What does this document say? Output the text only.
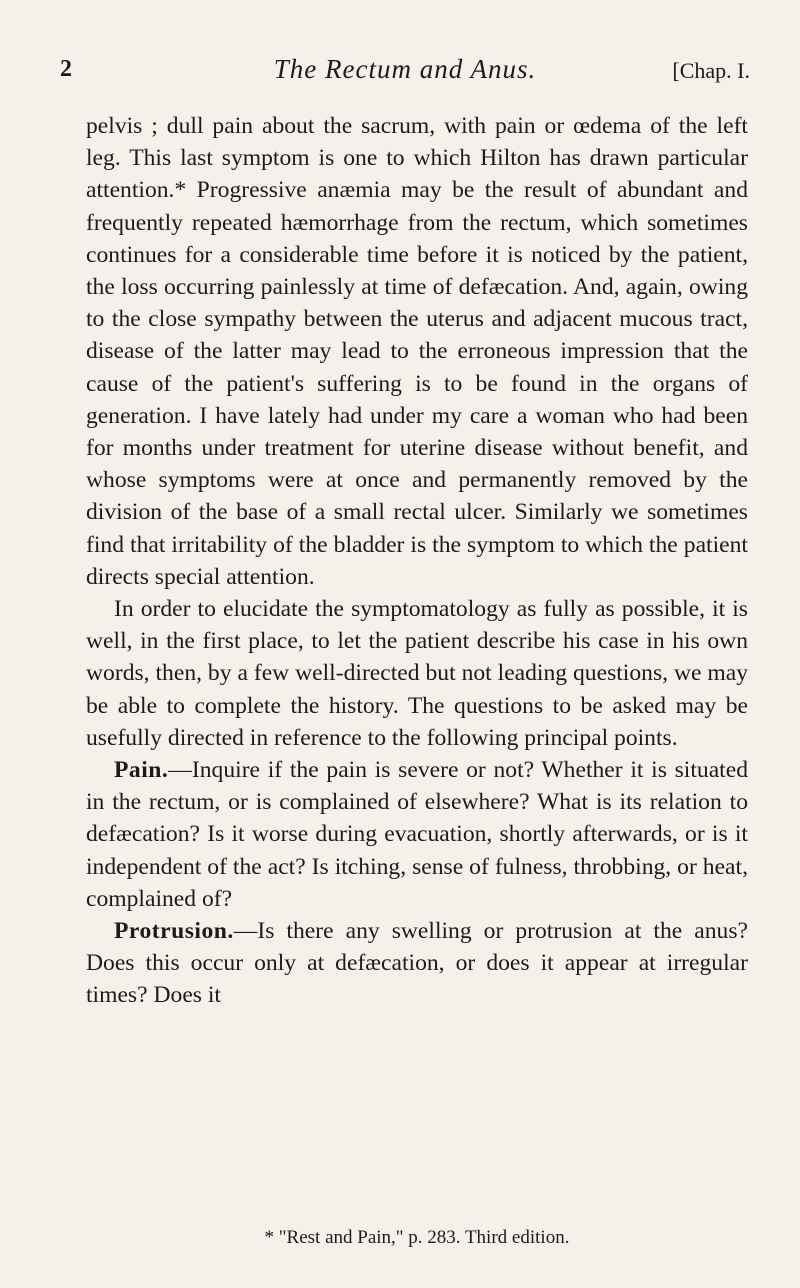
2	The Rectum and Anus.	[Chap. I.

pelvis ; dull pain about the sacrum, with pain or œdema of the left leg. This last symptom is one to which Hilton has drawn particular attention.* Progressive anæmia may be the result of abundant and frequently repeated hæmorrhage from the rectum, which sometimes continues for a considerable time before it is noticed by the patient, the loss occurring painlessly at time of defæcation. And, again, owing to the close sympathy between the uterus and adjacent mucous tract, disease of the latter may lead to the erroneous impression that the cause of the patient's suffering is to be found in the organs of generation. I have lately had under my care a woman who had been for months under treatment for uterine disease without benefit, and whose symptoms were at once and permanently removed by the division of the base of a small rectal ulcer. Similarly we sometimes find that irritability of the bladder is the symptom to which the patient directs special attention.

In order to elucidate the symptomatology as fully as possible, it is well, in the first place, to let the patient describe his case in his own words, then, by a few well-directed but not leading questions, we may be able to complete the history. The questions to be asked may be usefully directed in reference to the following principal points.

Pain.—Inquire if the pain is severe or not? Whether it is situated in the rectum, or is complained of elsewhere? What is its relation to defæcation? Is it worse during evacuation, shortly afterwards, or is it independent of the act? Is itching, sense of fulness, throbbing, or heat, complained of?

Protrusion.—Is there any swelling or protrusion at the anus? Does this occur only at defæcation, or does it appear at irregular times? Does it

* "Rest and Pain," p. 283. Third edition.
